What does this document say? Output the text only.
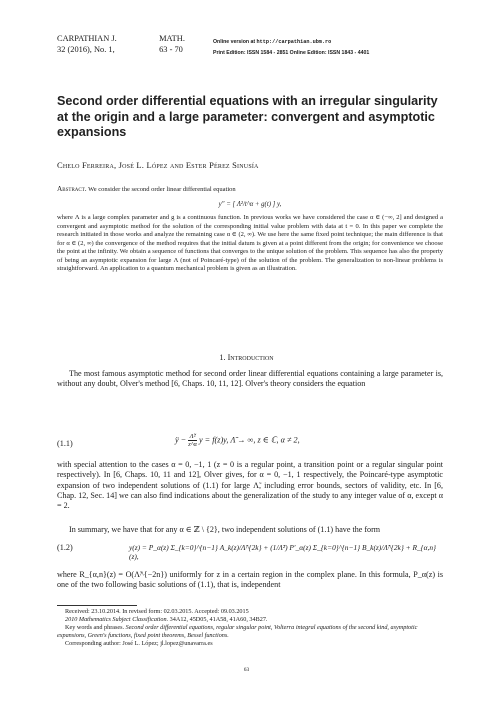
CARPATHIAN J.	MATH.
32 (2016), No. 1,	63 - 70
Online version at http://carpathian.ubm.ro
Print Edition: ISSN 1584 - 2851 Online Edition: ISSN 1843 - 4401
Second order differential equations with an irregular singularity at the origin and a large parameter: convergent and asymptotic expansions
Chelo Ferreira, José L. López and Ester Pérez Sinusía
Abstract. We consider the second order linear differential equation
y″ = [ Λ²/t^α + g(t) ] y,
where Λ is a large complex parameter and g is a continuous function. In previous works we have considered the case α ∈ (−∞, 2] and designed a convergent and asymptotic method for the solution of the corresponding initial value problem with data at t = 0. In this paper we complete the research initiated in those works and analyze the remaining case α ∈ (2, ∞). We use here the same fixed point technique; the main difference is that for α ∈ (2, ∞) the convergence of the method requires that the initial datum is given at a point different from the origin; for convenience we choose the point at the infinity. We obtain a sequence of functions that converges to the unique solution of the problem. This sequence has also the property of being an asymptotic expansion for large Λ (not of Poincaré-type) of the solution of the problem. The generalization to non-linear problems is straightforward. An application to a quantum mechanical problem is given as an illustration.
1. Introduction
The most famous asymptotic method for second order linear differential equations containing a large parameter is, without any doubt, Olver's method [6, Chaps. 10, 11, 12]. Olver's theory considers the equation
(1.1)	ÿ − $\frac{\text{Λ̃²}}{z\^{}\alpha}$ y = f(z)y, Λ̃ → ∞, z ∈ ℂ, α ≠ 2,
with special attention to the cases α = 0, −1, 1 (z = 0 is a regular point, a transition point or a regular singular point respectively). In [6, Chaps. 10, 11 and 12], Olver gives, for α = 0, −1, 1 respectively, the Poincaré-type asymptotic expansion of two independent solutions of (1.1) for large Λ̃, including error bounds, sectors of validity, etc. In [6, Chap. 12, Sec. 14] we can also find indications about the generalization of the study to any integer value of α, except α = 2.
In summary, we have that for any α ∈ ℤ \ {2}, two independent solutions of (1.1) have the form
(1.2)	y(z) = P_α(z) Σ_{k=0}^{n−1} A_k(z)/Λ̃^{2k} + (1/Λ̃²) P′_α(z) Σ_{k=0}^{n−1} B_k(z)/Λ̃^{2k} + R_{α,n}(z),
where R_{α,n}(z) = O(Λ̃^{−2n}) uniformly for z in a certain region in the complex plane. In this formula, P_α(z) is one of the two following basic solutions of (1.1), that is, independent

Received: 23.10.2014. In revised form: 02.03.2015. Accepted: 09.03.2015

2010 Mathematics Subject Classification. 34A12, 45D05, 41A58, 41A60, 34B27.

Key words and phrases. Second order differential equations, regular singular point, Volterra integral equations of the second kind, asymptotic expansions, Green's functions, fixed point theorems, Bessel functions.

Corresponding author: José L. López; jl.lopez@unavarra.es

63
